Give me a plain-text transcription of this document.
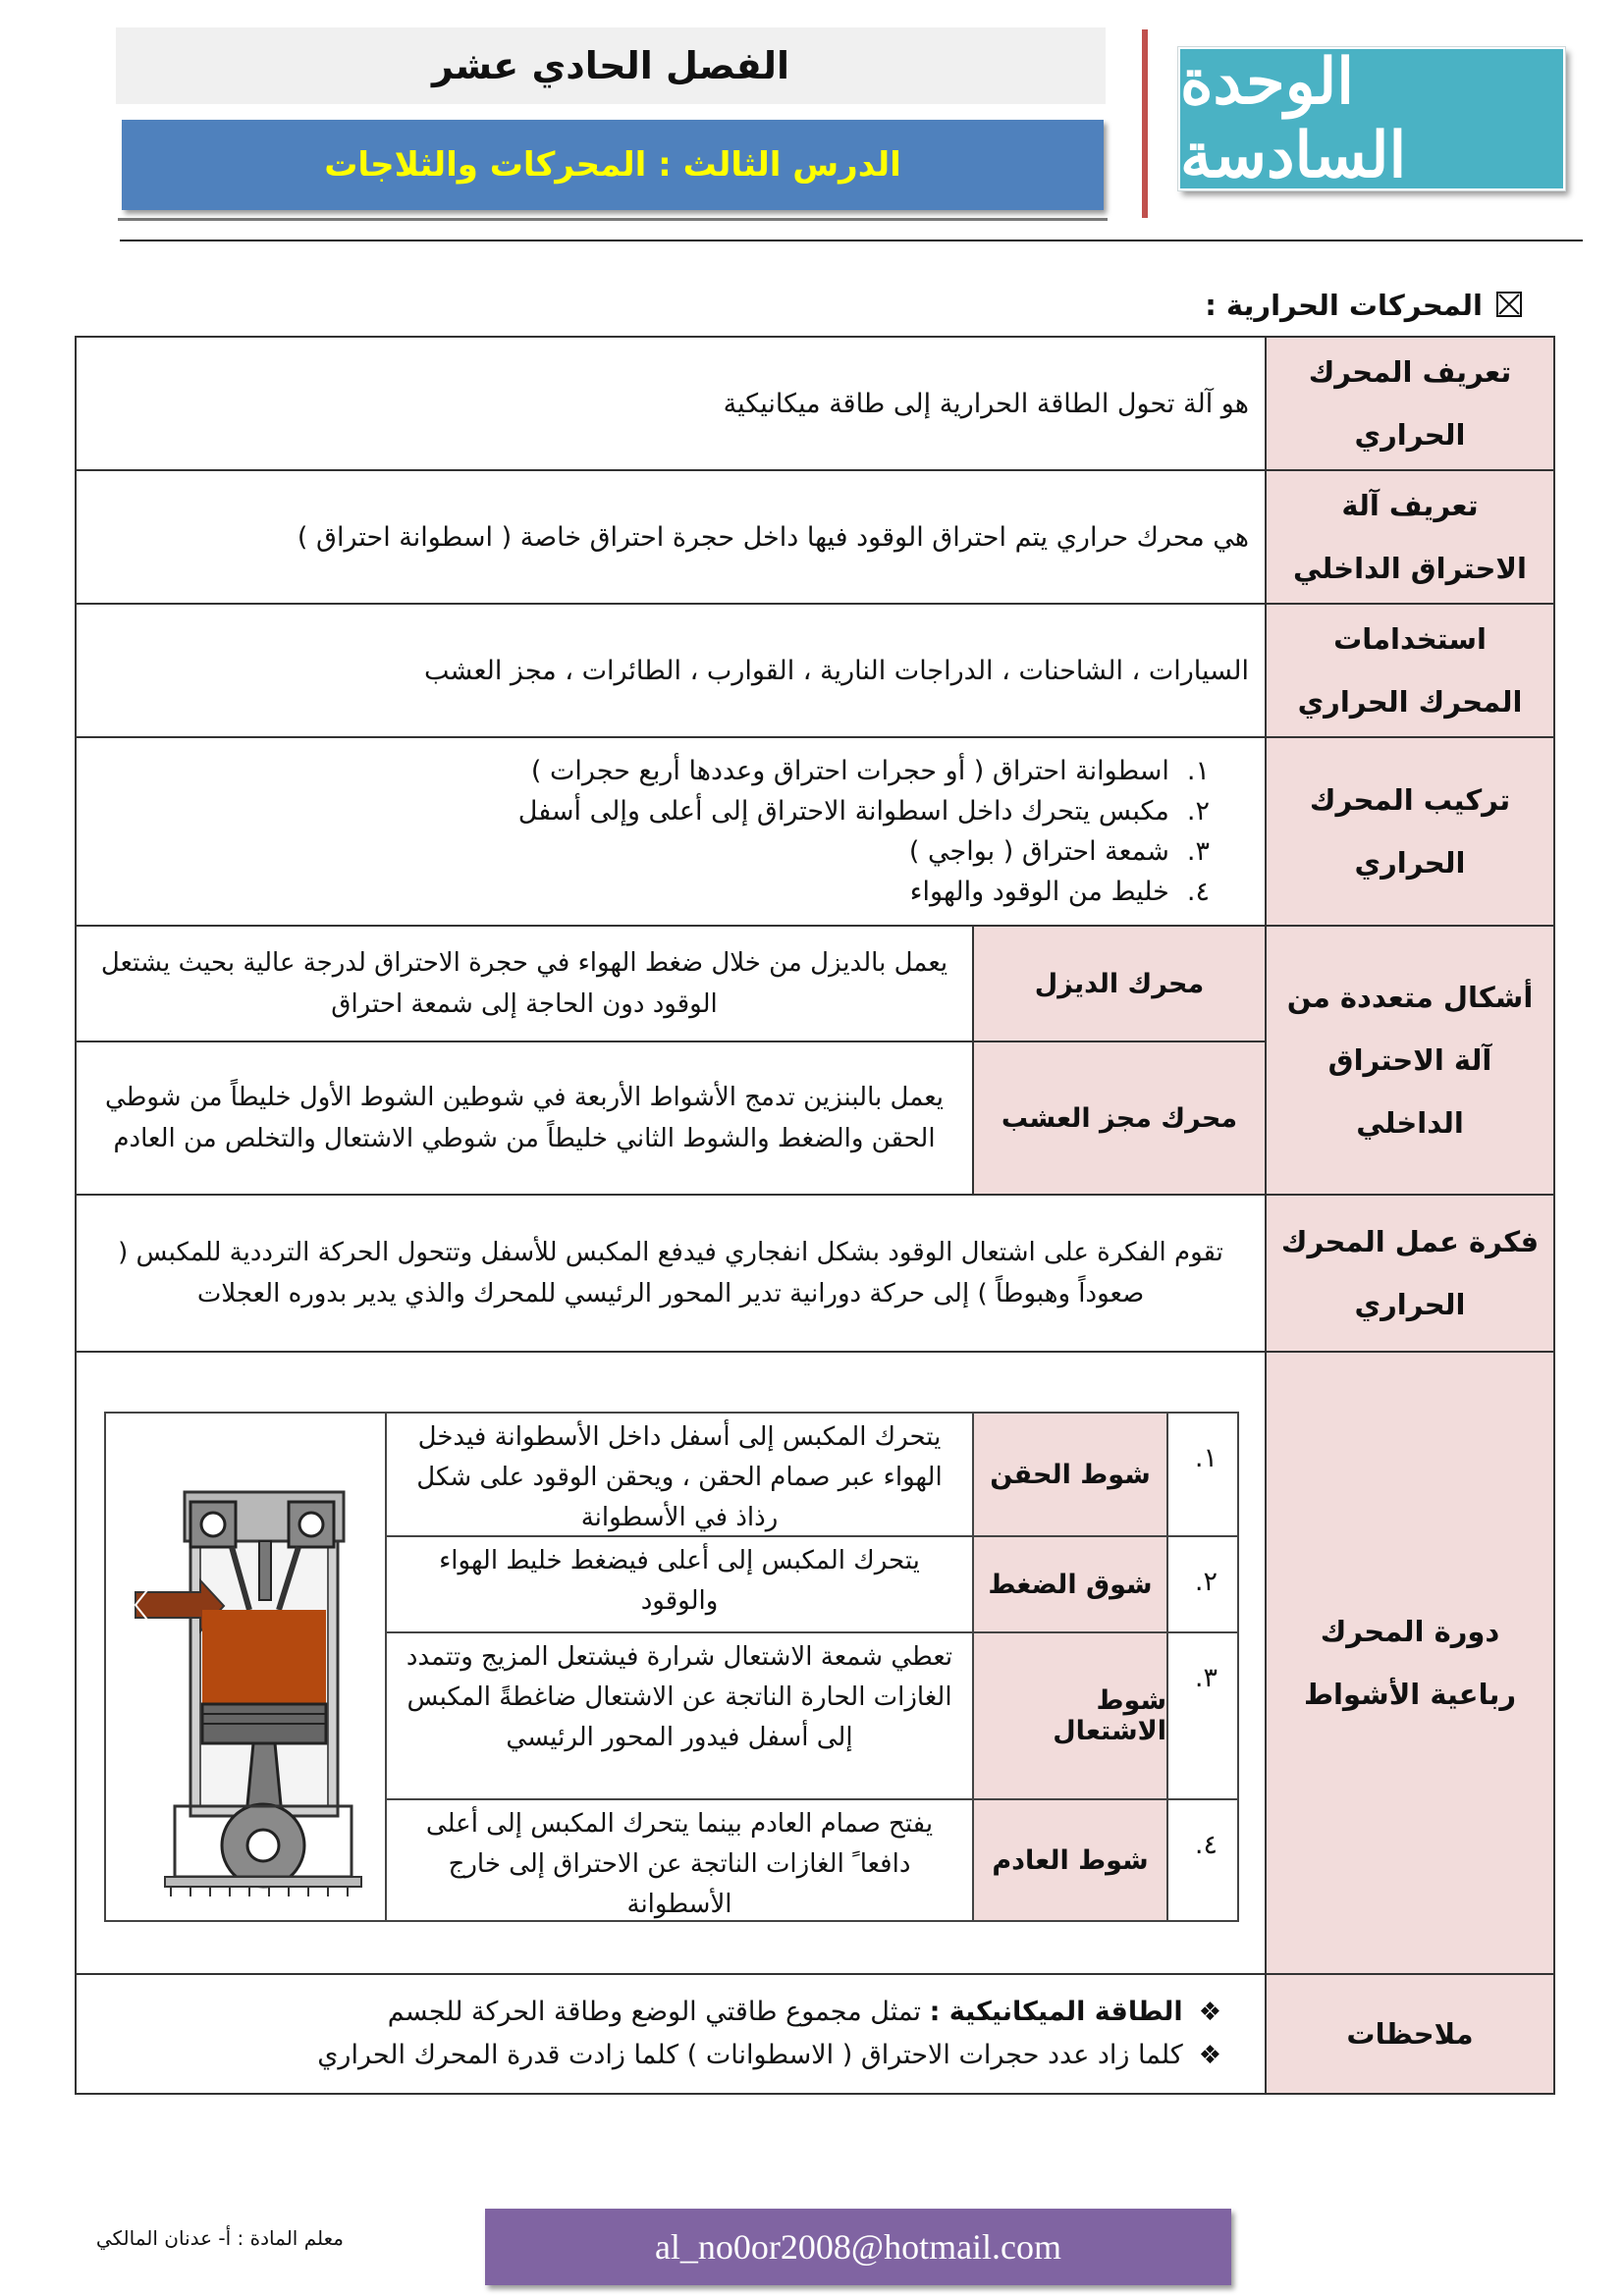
الوحدة السادسة
الفصل الحادي عشر
الدرس الثالث : المحركات والثلاجات
المحركات الحرارية :
تعريف المحرك الحراري
هو آلة تحول الطاقة الحرارية إلى طاقة ميكانيكية
تعريف آلة الاحتراق الداخلي
هي محرك حراري يتم احتراق الوقود فيها داخل حجرة احتراق خاصة ( اسطوانة احتراق )
استخدامات المحرك الحراري
السيارات ، الشاحنات ، الدراجات النارية ، القوارب ، الطائرات ، مجز العشب
تركيب المحرك الحراري
١.اسطوانة احتراق ( أو حجرات احتراق وعددها أربع حجرات )
٢.مكبس يتحرك داخل اسطوانة الاحتراق إلى أعلى وإلى أسفل
٣.شمعة احتراق ( بواجي )
٤.خليط من الوقود والهواء
أشكال متعددة من آلة الاحتراق الداخلي
محرك الديزل
يعمل بالديزل من خلال ضغط الهواء في حجرة الاحتراق لدرجة عالية بحيث يشتعل الوقود دون الحاجة إلى شمعة احتراق
محرك مجز العشب
يعمل بالبنزين تدمج الأشواط الأربعة في شوطين الشوط الأول خليطاً من شوطي الحقن والضغط والشوط الثاني خليطاً من شوطي الاشتعال والتخلص من العادم
فكرة عمل المحرك الحراري
تقوم الفكرة على اشتعال الوقود بشكل انفجاري فيدفع المكبس للأسفل وتتحول الحركة الترددية للمكبس ( صعوداً وهبوطاً ) إلى حركة دورانية تدير المحور الرئيسي للمحرك والذي يدير بدوره العجلات
دورة المحرك رباعية الأشواط
١.
شوط الحقن
يتحرك المكبس إلى أسفل داخل الأسطوانة فيدخل الهواء عبر صمام الحقن ، ويحقن الوقود على شكل رذاذ في الأسطوانة
٢.
شوق الضغط
يتحرك المكبس إلى أعلى فيضغط خليط الهواء والوقود
٣.
شوط الاشتعال
تعطي شمعة الاشتعال شرارة فيشتعل المزيج وتتمدد الغازات الحارة الناتجة عن الاشتعال ضاغطةً المكبس إلى أسفل فيدور المحور الرئيسي
٤.
شوط العادم
يفتح صمام العادم بينما يتحرك المكبس إلى أعلى دافعا ً الغازات الناتجة عن الاحتراق إلى خارج الأسطوانة
ملاحظات
❖الطاقة الميكانيكية : تمثل مجموع طاقتي الوضع وطاقة الحركة للجسم
❖كلما زاد عدد حجرات الاحتراق ( الاسطوانات ) كلما زادت قدرة المحرك الحراري
al_no0or2008@hotmail.com
معلم المادة : أ- عدنان المالكي
